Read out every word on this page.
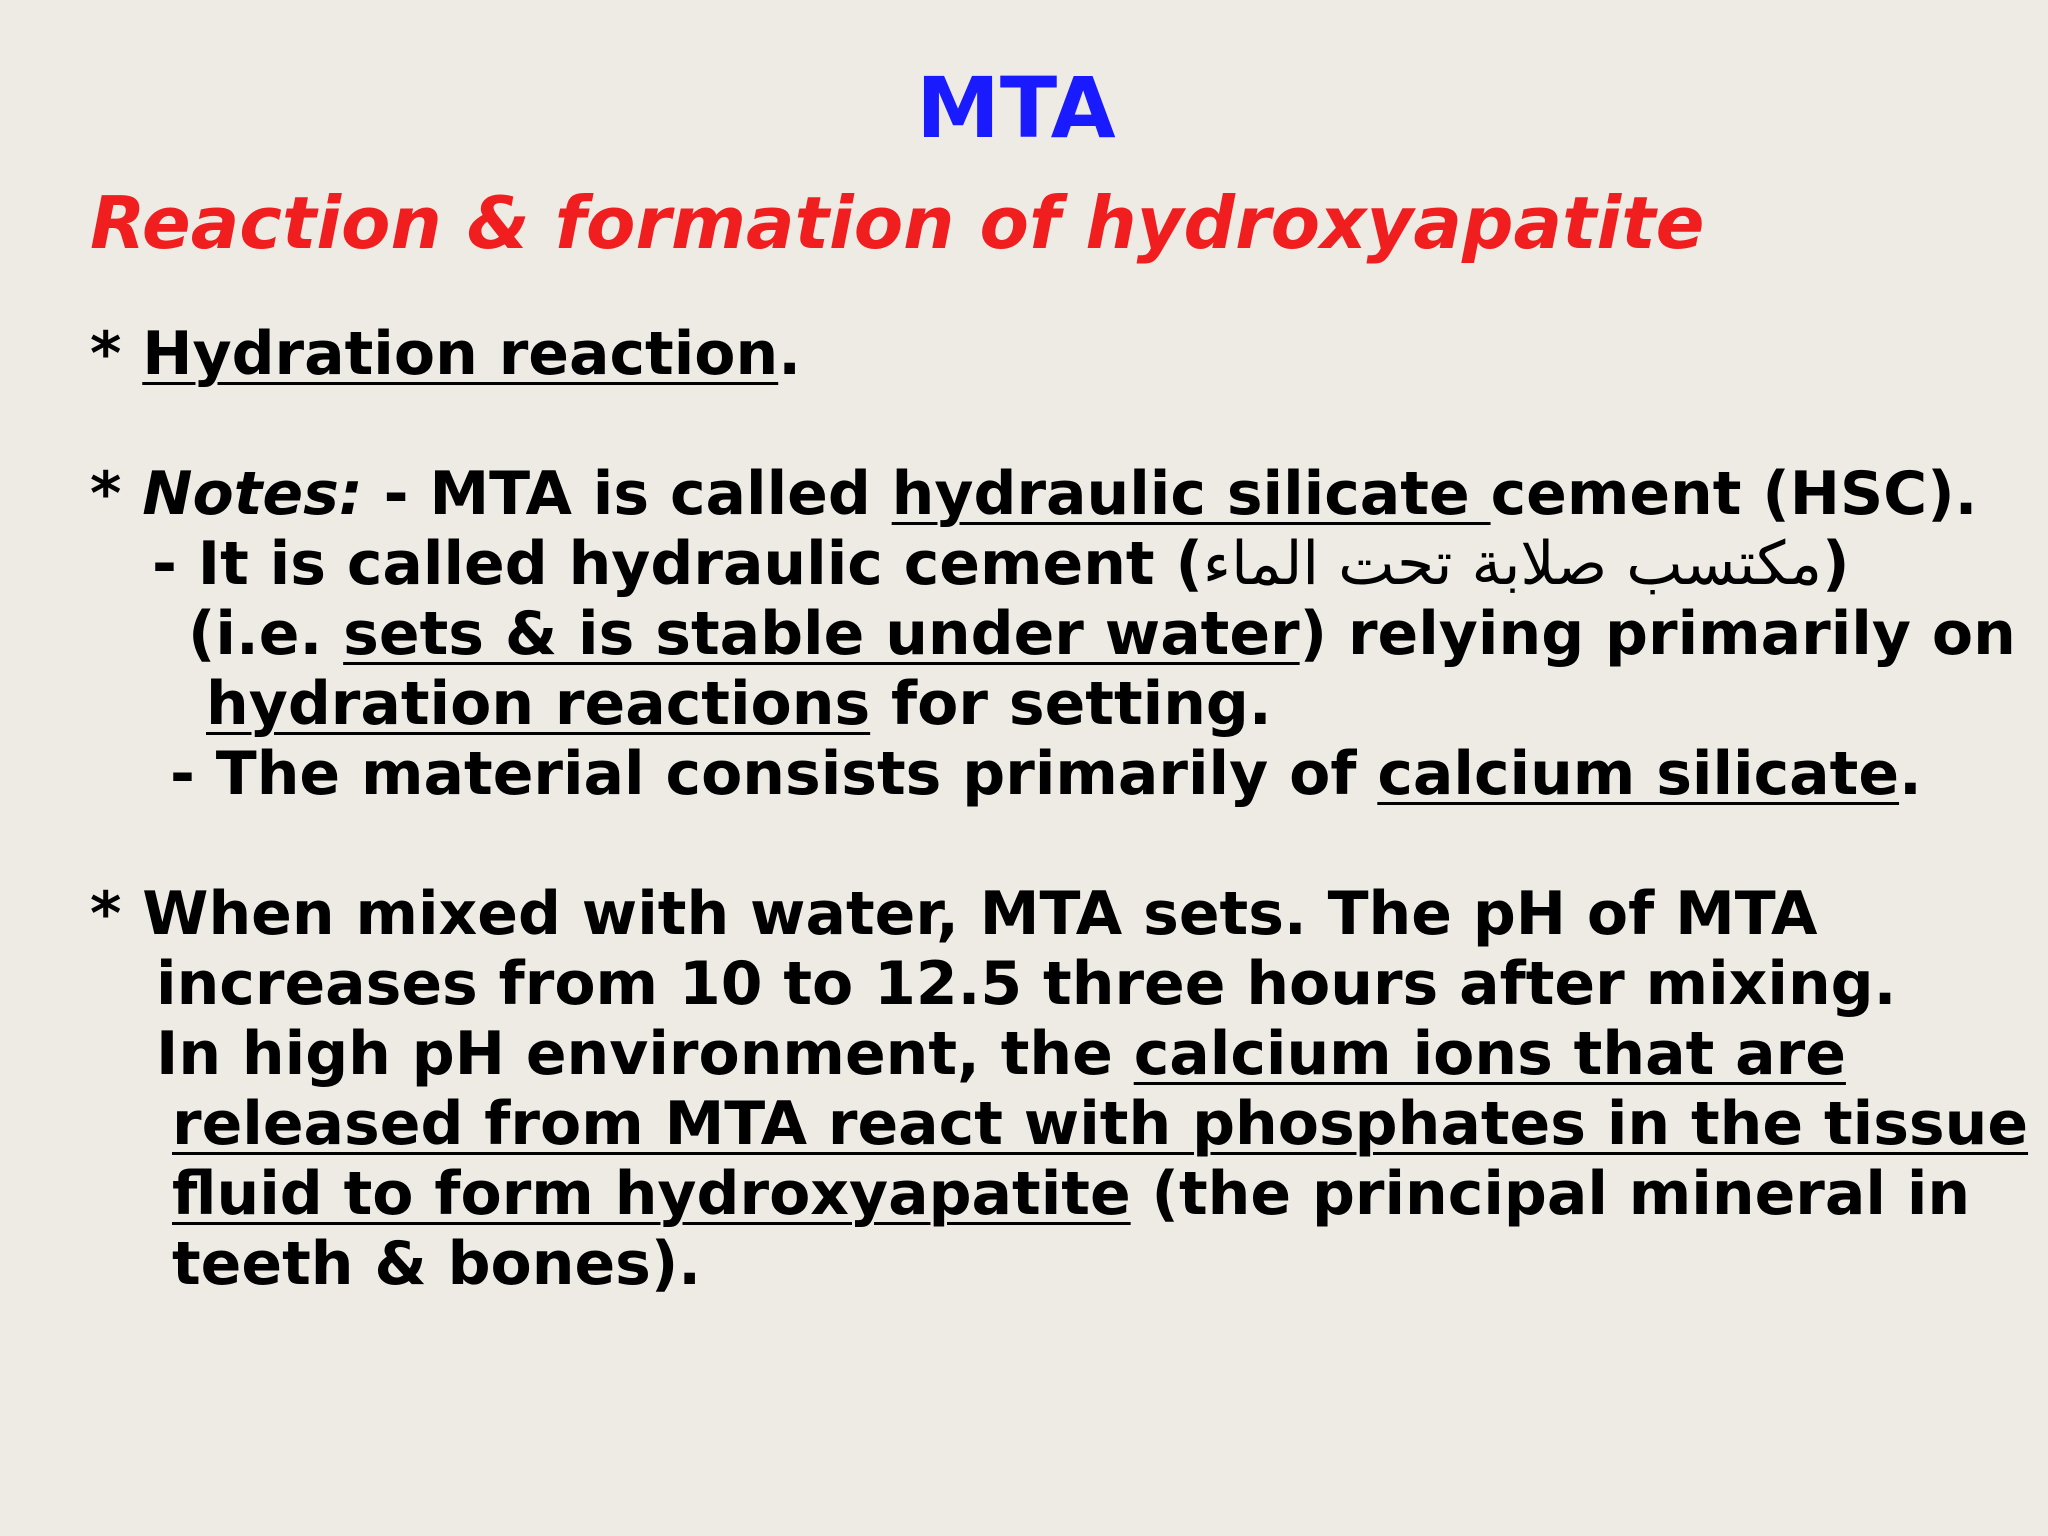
MTA
Reaction & formation of hydroxyapatite

* Hydration reaction.

* Notes: - MTA is called hydraulic silicate cement (HSC).

- It is called hydraulic cement (مكتسب صلابة تحت الماء)

(i.e. sets & is stable under water) relying primarily on

hydration reactions for setting.

- The material consists primarily of calcium silicate.

* When mixed with water, MTA sets. The pH of MTA

increases from 10 to 12.5 three hours after mixing.

In high pH environment, the calcium ions that are

released from MTA react with phosphates in the tissue

fluid to form hydroxyapatite (the principal mineral in

teeth & bones).
